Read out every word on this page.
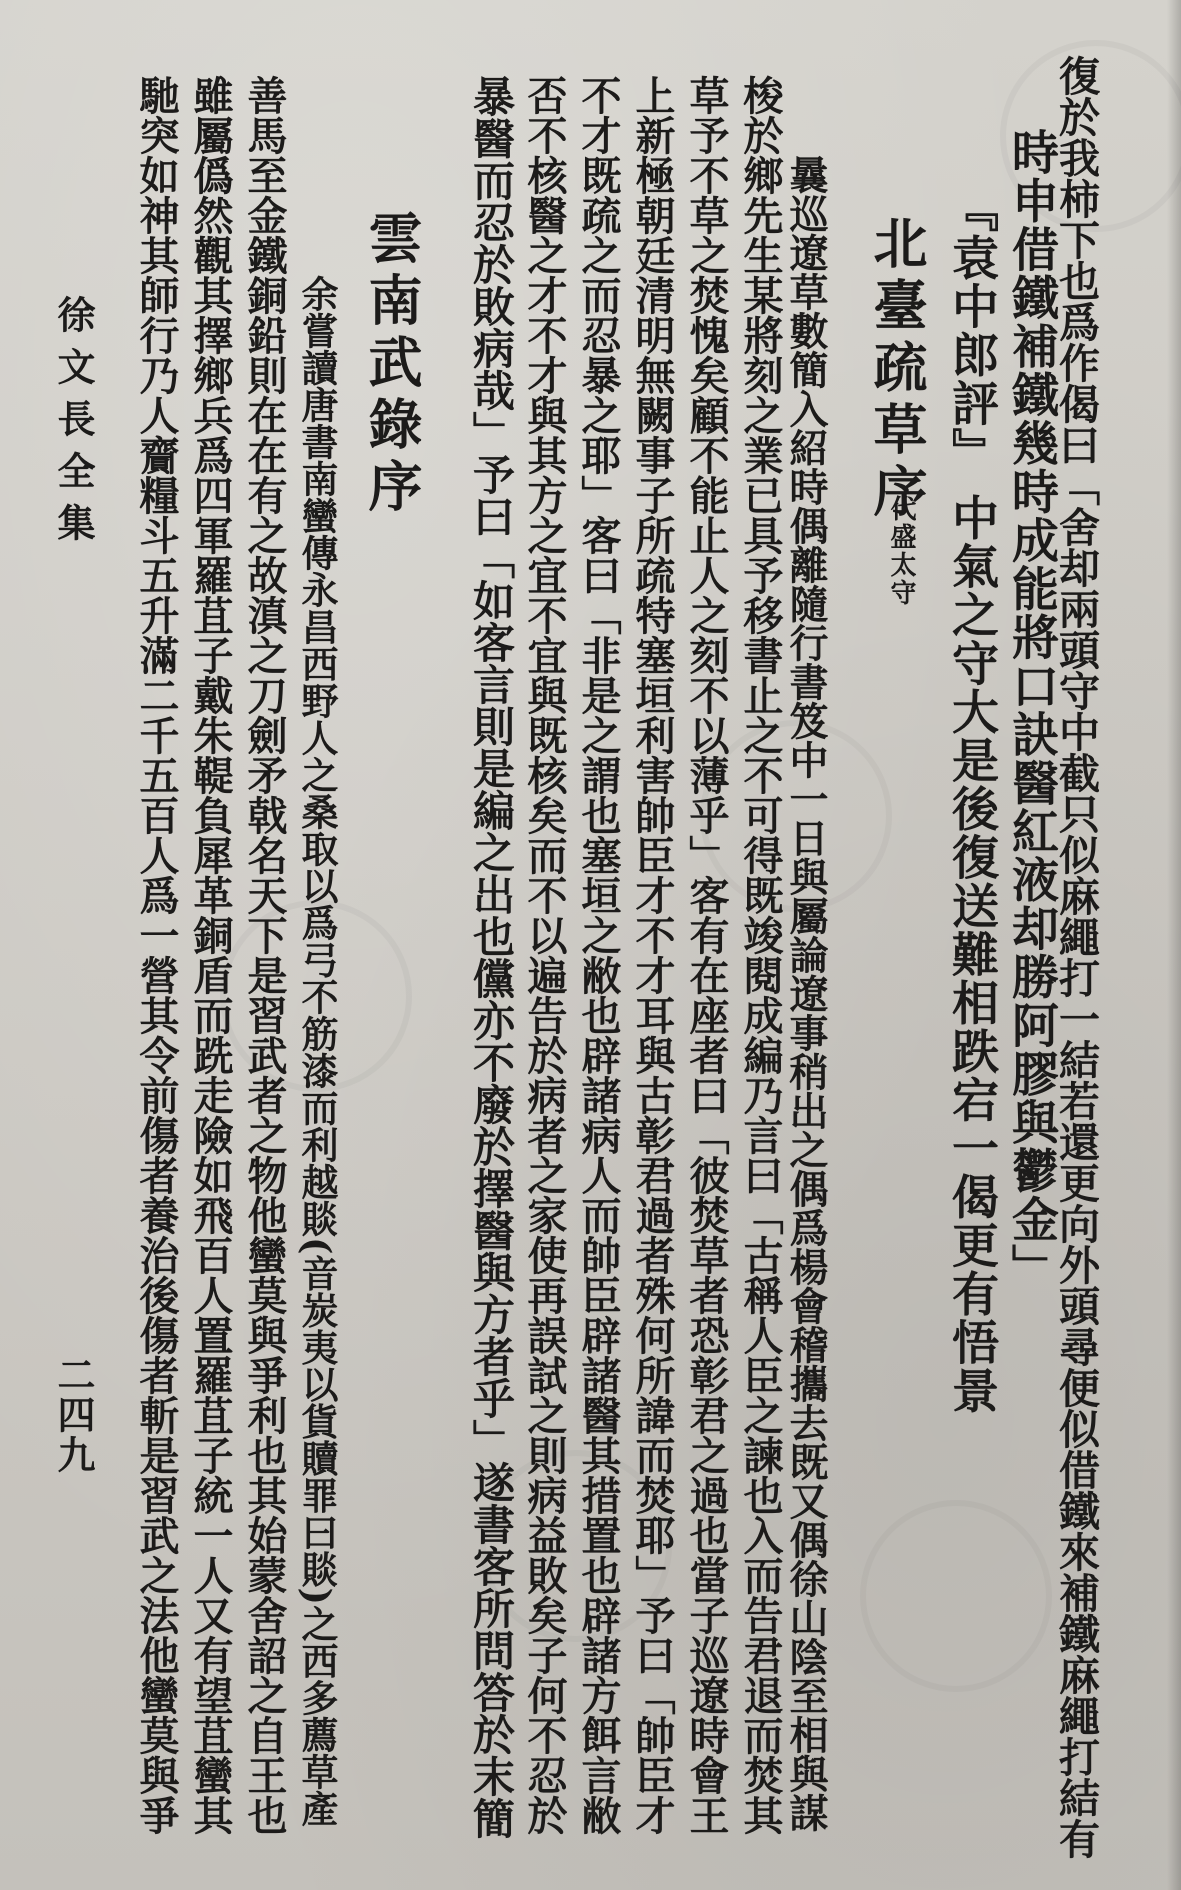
復於我柿下也爲作偈曰「舍却兩頭守中截只似麻繩打一結若還更向外頭尋便似借鐵來補鐵麻繩打結有
時申借鐵補鐵幾時成能將口訣醫紅液却勝阿膠與鬱金」
『袁中郎評』 中氣之守大是後復送難相跌宕一偈更有悟景
北臺疏草序
代盛太守
曩巡遼草數簡入紹時偶離隨行書笈中一日與屬論遼事稍出之偶爲楊會稽攜去既又偶徐山陰至相與謀
梭於鄉先生某將刻之業已具予移書止之不可得既竣閱成編乃言曰「古稱人臣之諫也入而告君退而焚其
草予不草之焚愧矣顧不能止人之刻不以薄乎」客有在座者曰「彼焚草者恐彰君之過也當子巡遼時會王
上新極朝廷清明無闕事子所疏特塞垣利害帥臣才不才耳與古彰君過者殊何所諱而焚耶」予曰「帥臣才
不才既疏之而忍暴之耶」客曰「非是之謂也塞垣之敝也辟諸病人而帥臣辟諸醫其措置也辟諸方餌言敝
否不核醫之才不才與其方之宜不宜與既核矣而不以遍告於病者之家使再誤試之則病益敗矣子何不忍於
暴醫而忍於敗病哉」予曰「如客言則是編之出也儻亦不廢於擇醫與方者乎」遂書客所問答於末簡
雲南武錄序
余嘗讀唐書南蠻傳永昌西野人之桑取以爲弓不筋漆而利越賧(音炭夷以貨贖罪曰賧)之西多薦草產
善馬至金鐵銅鉛則在在有之故滇之刀劍矛戟名天下是習武者之物他蠻莫與爭利也其始蒙舍詔之自王也
雖屬僞然觀其擇鄉兵爲四軍羅苴子戴朱鞮負犀革銅盾而跣走險如飛百人置羅苴子統一人又有望苴蠻其
馳突如神其師行乃人齎糧斗五升滿二千五百人爲一營其令前傷者養治後傷者斬是習武之法他蠻莫與爭
徐文長全集
二四九
